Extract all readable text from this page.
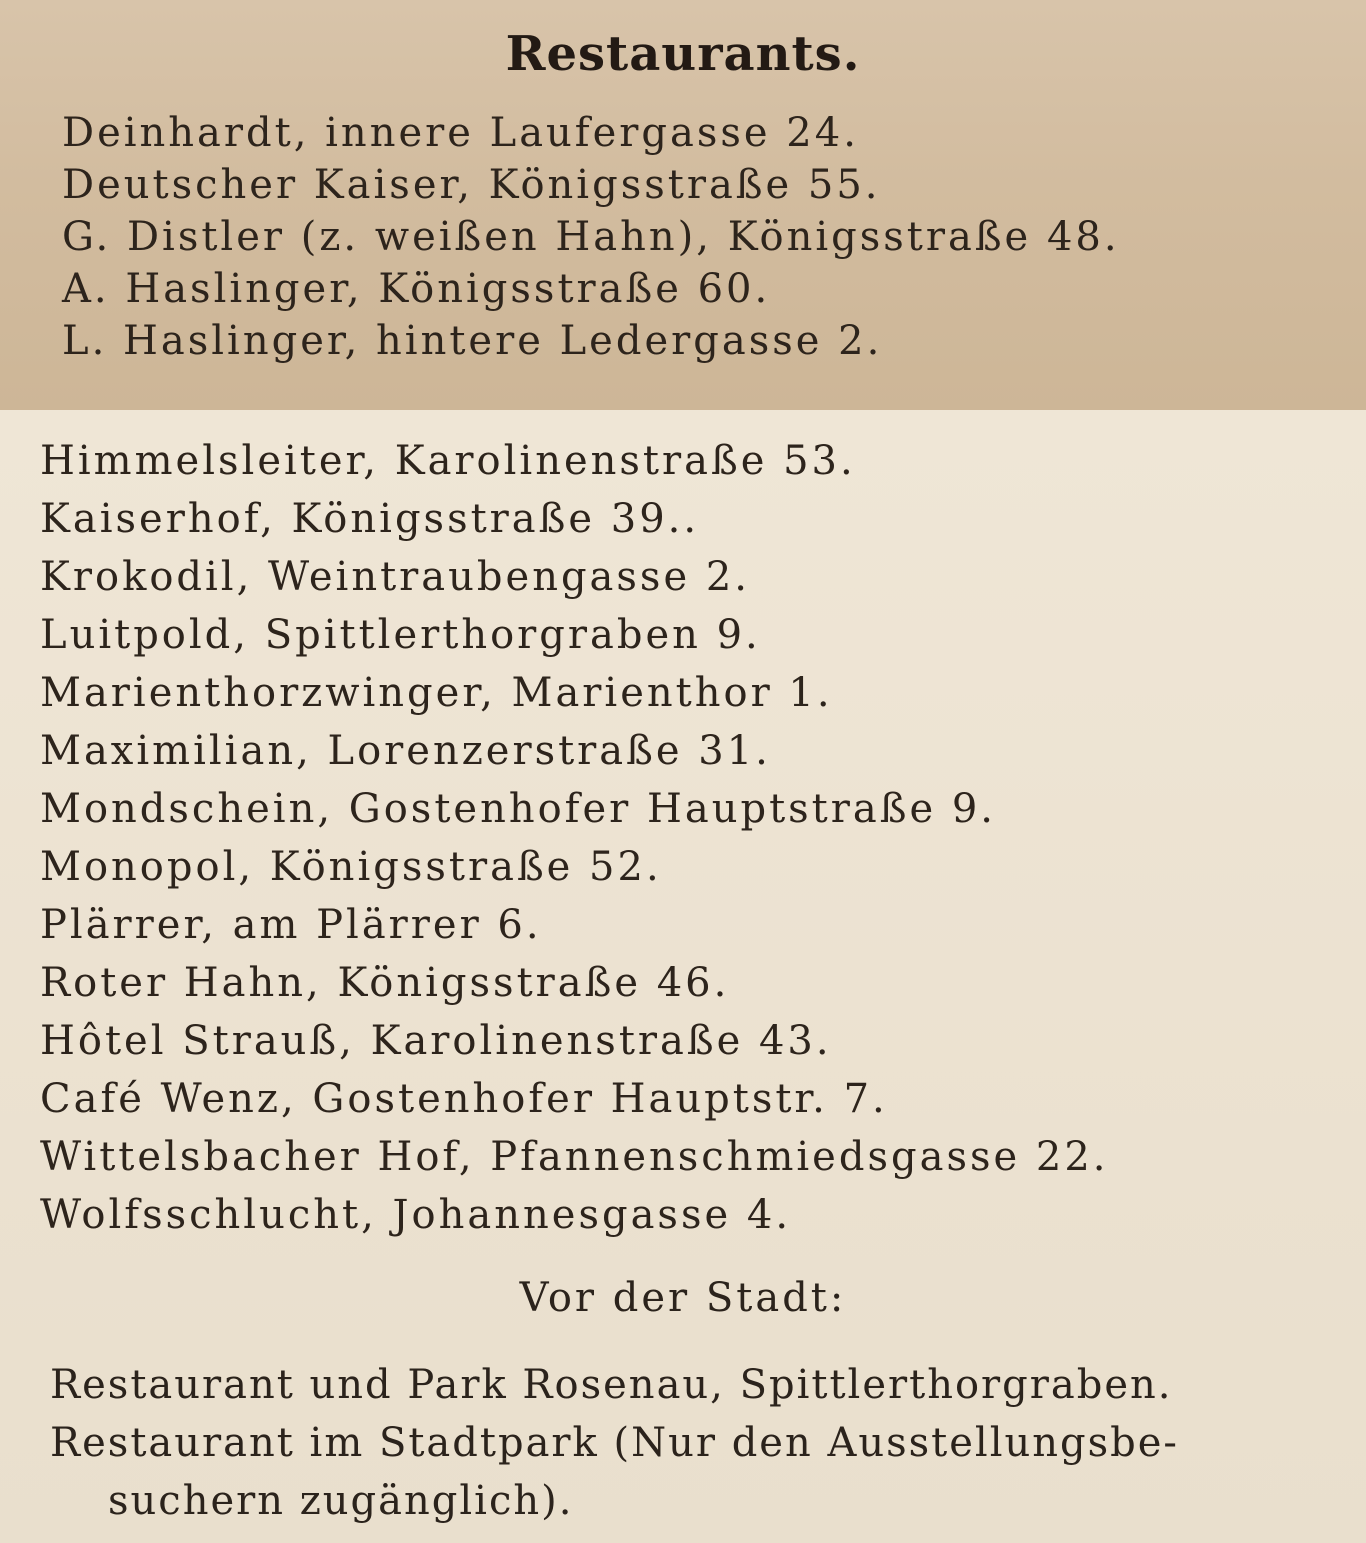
Restaurants.
Deinhardt, innere Laufergasse 24.
Deutscher Kaiser, Königsstraße 55.
G. Distler (z. weißen Hahn), Königsstraße 48.
A. Haslinger, Königsstraße 60.
L. Haslinger, hintere Ledergasse 2.
Himmelsleiter, Karolinenstraße 53.
Kaiserhof, Königsstraße 39..
Krokodil, Weintraubengasse 2.
Luitpold, Spittlerthorgraben 9.
Marienthorzwinger, Marienthor 1.
Maximilian, Lorenzerstraße 31.
Mondschein, Gostenhofer Hauptstraße 9.
Monopol, Königsstraße 52.
Plärrer, am Plärrer 6.
Roter Hahn, Königsstraße 46.
Hôtel Strauß, Karolinenstraße 43.
Café Wenz, Gostenhofer Hauptstr. 7.
Wittelsbacher Hof, Pfannenschmiedsgasse 22.
Wolfsschlucht, Johannesgasse 4.
Vor der Stadt:
Restaurant und Park Rosenau, Spittlerthorgraben.
Restaurant im Stadtpark (Nur den Ausstellungsbe-
suchern zugänglich).
